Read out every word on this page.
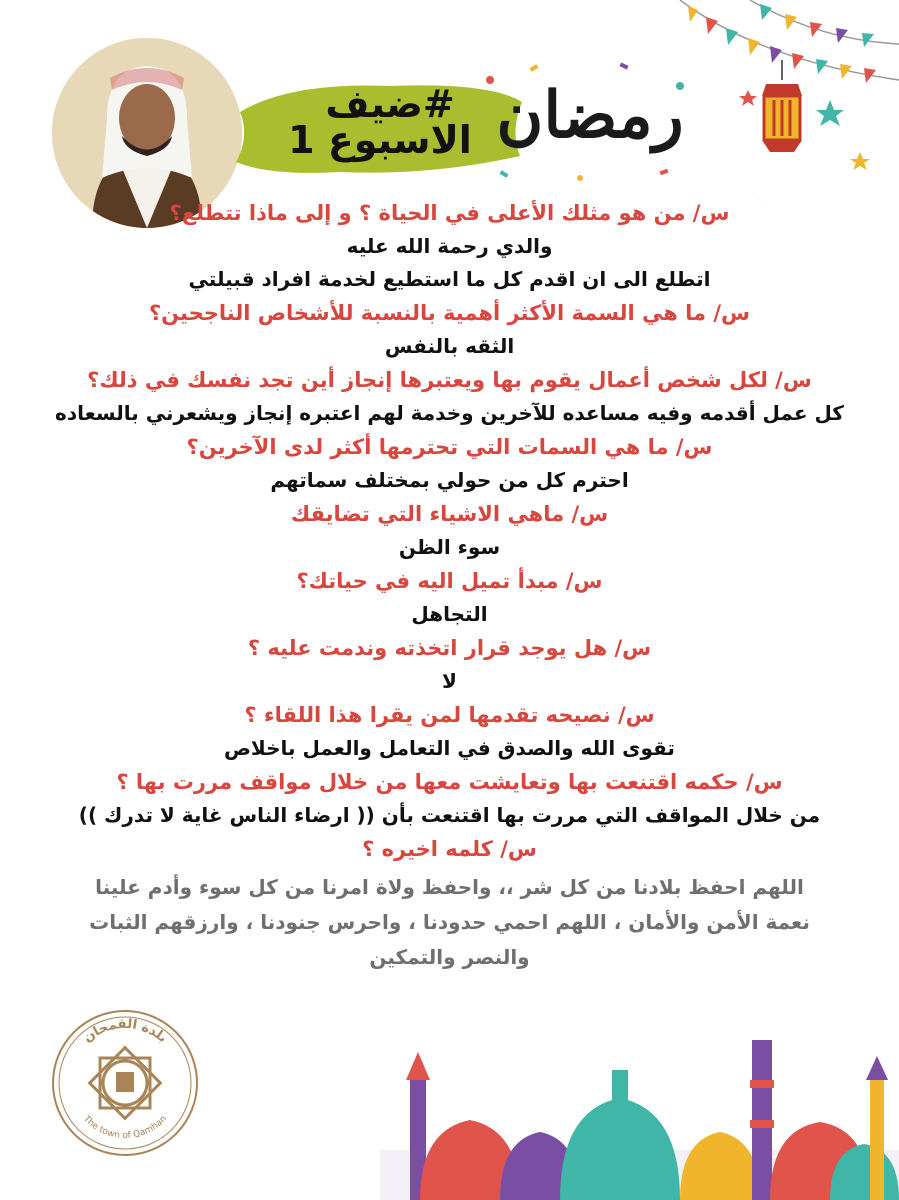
#ضيف
الاسبوع 1 رمضان

س/ من هو مثلك الأعلى في الحياة ؟ و إلى ماذا تتطلع؟

والدي رحمة الله عليه

اتطلع الى ان اقدم كل ما استطيع لخدمة افراد قبيلتي

س/ ما هي السمة الأكثر أهمية بالنسبة للأشخاص الناجحين؟

الثقه بالنفس

س/ لكل شخص أعمال يقوم بها ويعتبرها إنجاز أين تجد نفسك في ذلك؟

كل عمل أقدمه وفيه مساعده للآخرين وخدمة لهم اعتبره إنجاز ويشعرني بالسعاده

س/ ما هي السمات التي تحترمها أكثر لدى الآخرين؟

احترم كل من حولي بمختلف سماتهم

س/ ماهي الاشياء التي تضايقك

سوء الظن

س/ مبدأ تميل اليه في حياتك؟

التجاهل

س/ هل يوجد قرار اتخذته وندمت عليه ؟

لا

س/ نصيحه تقدمها لمن يقرا هذا اللقاء ؟

تقوى الله والصدق في التعامل والعمل باخلاص

س/ حكمه اقتنعت بها وتعايشت معها من خلال مواقف مررت بها ؟

من خلال المواقف التي مررت بها اقتنعت بأن (( ارضاء الناس غاية لا تدرك ))

س/ كلمه اخيره ؟

اللهم احفظ بلادنا من كل شر ،، واحفظ ولاة امرنا من كل سوء وأدم علينا نعمة الأمن والأمان ، اللهم احمي حدودنا ، واحرس جنودنا ، وارزقهم الثبات والنصر والتمكين

بلدة القمحان
The town of Qamhan
